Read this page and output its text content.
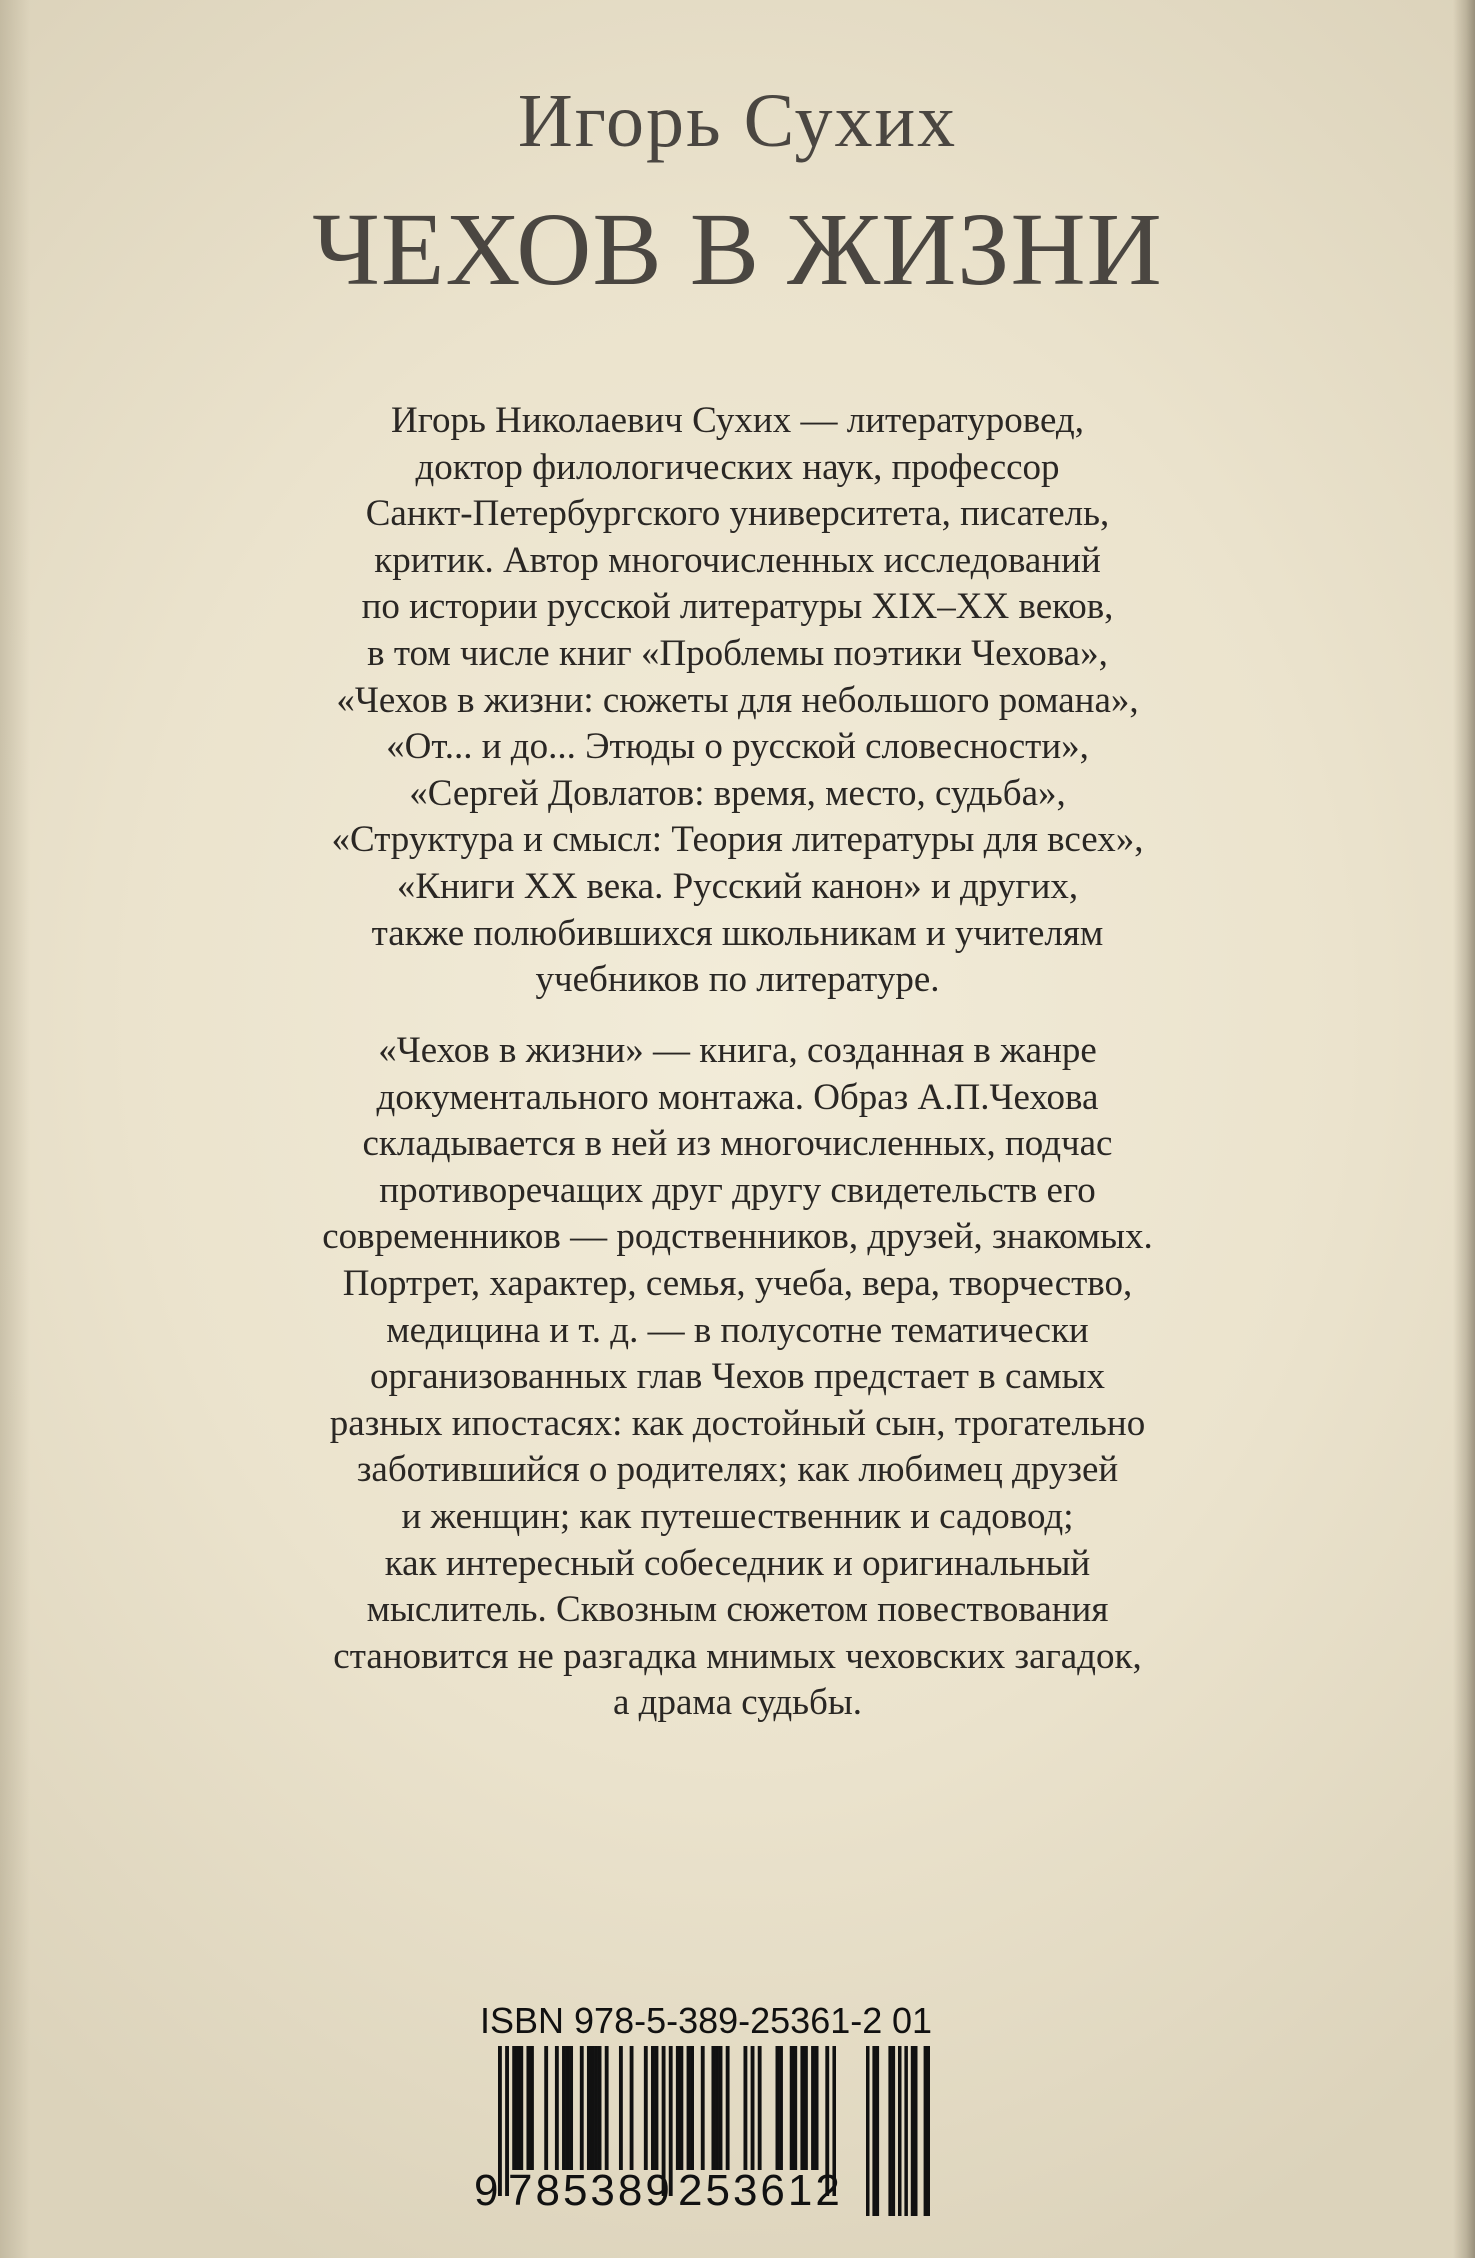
Игорь Сухих
ЧЕХОВ В ЖИЗНИ

Игорь Николаевич Сухих — литературовед,
доктор филологических наук, профессор
Санкт-Петербургского университета, писатель,
критик. Автор многочисленных исследований
по истории русской литературы XIX–XX веков,
в том числе книг «Проблемы поэтики Чехова»,
«Чехов в жизни: сюжеты для небольшого романа»,
«От... и до... Этюды о русской словесности»,
«Сергей Довлатов: время, место, судьба»,
«Структура и смысл: Теория литературы для всех»,
«Книги XX века. Русский канон» и других,
также полюбившихся школьникам и учителям
учебников по литературе.

«Чехов в жизни» — книга, созданная в жанре
документального монтажа. Образ А.П.Чехова
складывается в ней из многочисленных, подчас
противоречащих друг другу свидетельств его
современников — родственников, друзей, знакомых.
Портрет, характер, семья, учеба, вера, творчество,
медицина и т. д. — в полусотне тематически
организованных глав Чехов предстает в самых
разных ипостасях: как достойный сын, трогательно
заботившийся о родителях; как любимец друзей
и женщин; как путешественник и садовод;
как интересный собеседник и оригинальный
мыслитель. Сквозным сюжетом повествования
становится не разгадка мнимых чеховских загадок,
а драма судьбы.

ISBN 978-5-389-25361-2 01
9 785389 253612
